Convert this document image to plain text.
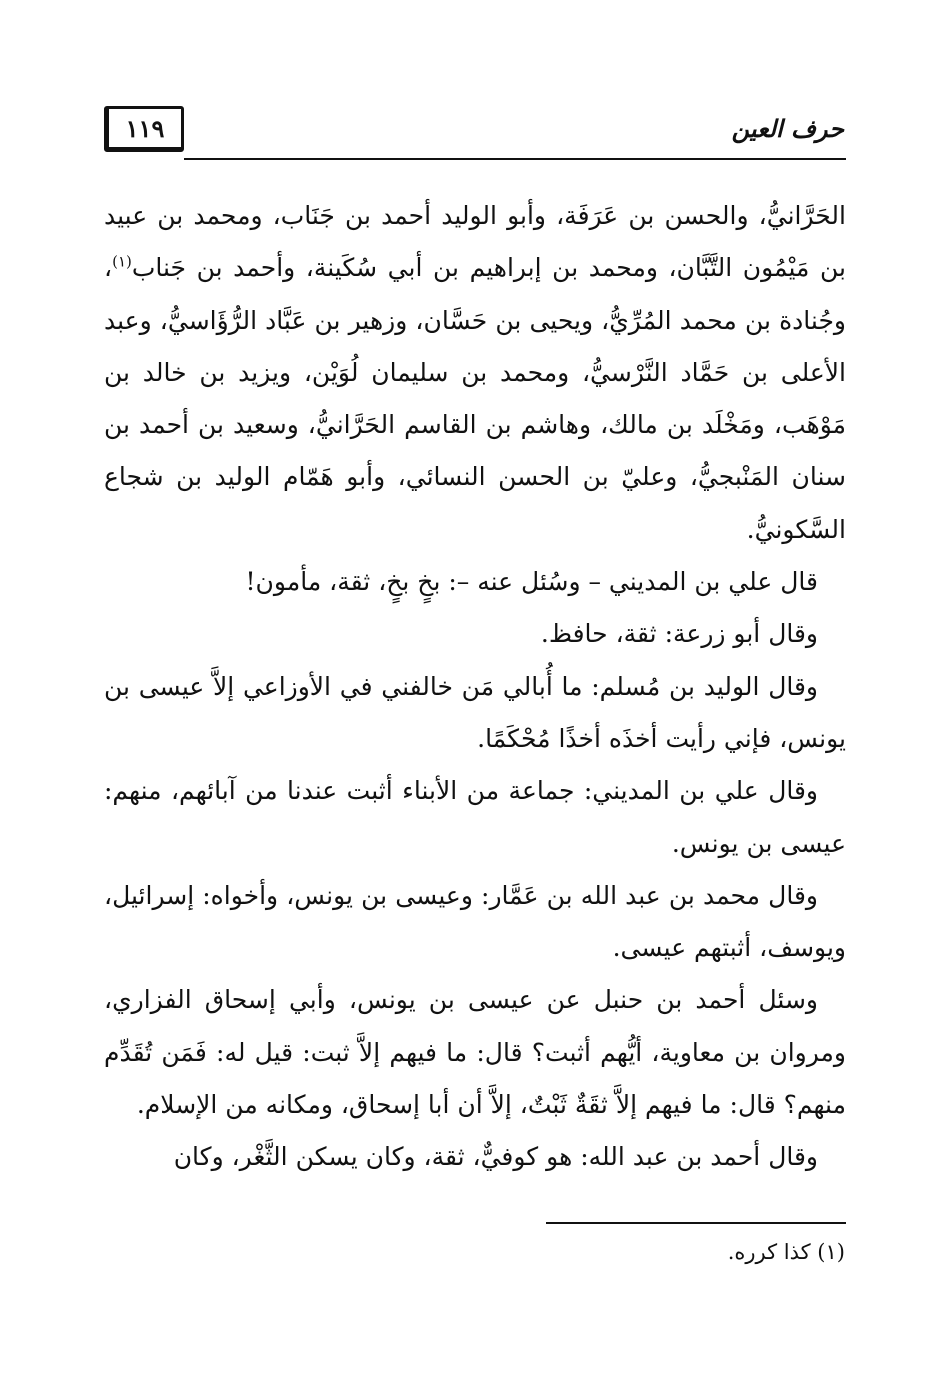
١١٩	حرف العين

الحَرَّانيُّ، والحسن بن عَرَفَة، وأبو الوليد أحمد بن جَنَاب، ومحمد بن عبيد بن مَيْمُون التَّبَّان، ومحمد بن إبراهيم بن أبي سُكَينة، وأحمد بن جَناب$^{(١)}$، وجُنادة بن محمد المُرِّيُّ، ويحيى بن حَسَّان، وزهير بن عَبَّاد الرُّؤَاسيُّ، وعبد الأعلى بن حَمَّاد النَّرْسيُّ، ومحمد بن سليمان لُوَيْن، ويزيد بن خالد بن مَوْهَب، ومَخْلَد بن مالك، وهاشم بن القاسم الحَرَّانيُّ، وسعيد بن أحمد بن سنان المَنْبجيُّ، وعليّ بن الحسن النسائي، وأبو هَمّام الوليد بن شجاع السَّكونيُّ.

قال علي بن المديني – وسُئل عنه –: بخٍ بخٍ، ثقة، مأمون!

وقال أبو زرعة: ثقة، حافظ.

وقال الوليد بن مُسلم: ما أُبالي مَن خالفني في الأوزاعي إلاَّ عيسى بن يونس، فإني رأيت أخذَه أخذًا مُحْكَمًا.

وقال علي بن المديني: جماعة من الأبناء أثبت عندنا من آبائهم، منهم: عيسى بن يونس.

وقال محمد بن عبد الله بن عَمَّار: وعيسى بن يونس، وأخواه: إسرائيل، ويوسف، أثبتهم عيسى.

وسئل أحمد بن حنبل عن عيسى بن يونس، وأبي إسحاق الفزاري، ومروان بن معاوية، أيُّهم أثبت؟ قال: ما فيهم إلاَّ ثبت: قيل له: فَمَن تُقَدِّم منهم؟ قال: ما فيهم إلاَّ ثقَةٌ ثَبْتٌ، إلاَّ أن أبا إسحاق، ومكانه من الإسلام.

وقال أحمد بن عبد الله: هو كوفيٌّ، ثقة، وكان يسكن الثَّغْر، وكان

(١) كذا كرره.
